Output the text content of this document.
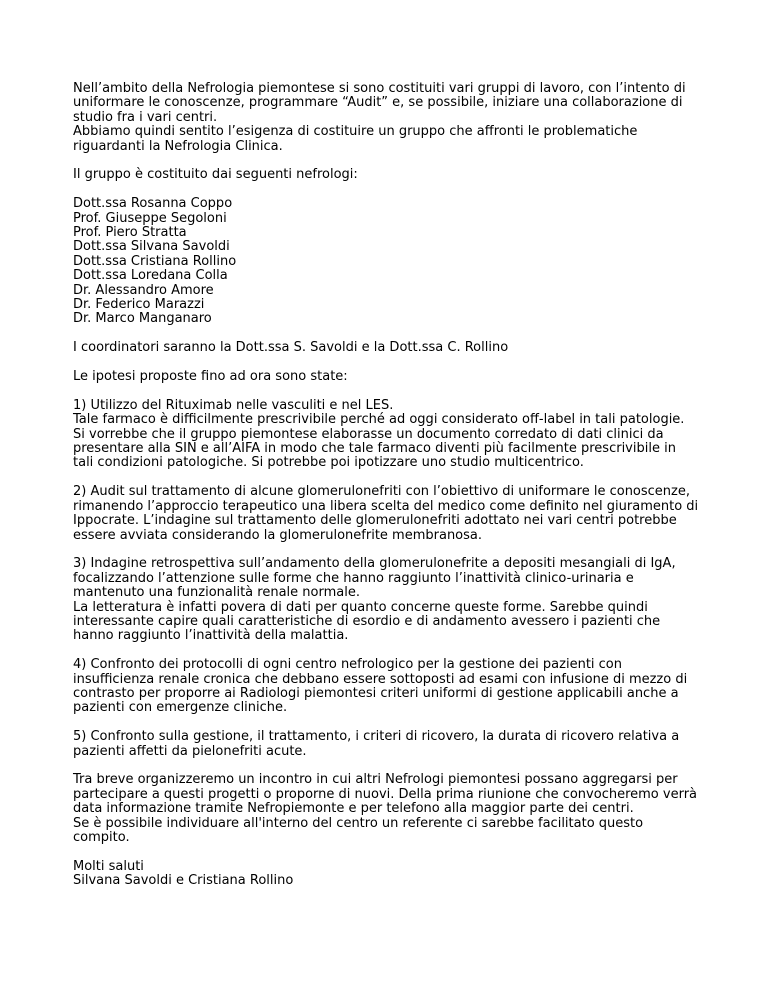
Nell’ambito della Nefrologia piemontese si sono costituiti vari gruppi di lavoro, con l’intento di
uniformare le conoscenze, programmare “Audit” e, se possibile, iniziare una collaborazione di
studio fra i vari centri.
Abbiamo quindi sentito l’esigenza di costituire un gruppo che affronti le problematiche
riguardanti la Nefrologia Clinica.

Il gruppo è costituito dai seguenti nefrologi:

Dott.ssa Rosanna Coppo
Prof. Giuseppe Segoloni
Prof. Piero Stratta
Dott.ssa Silvana Savoldi
Dott.ssa Cristiana Rollino
Dott.ssa Loredana Colla
Dr. Alessandro Amore
Dr. Federico Marazzi
Dr. Marco Manganaro

I coordinatori saranno la Dott.ssa S. Savoldi e la Dott.ssa C. Rollino

Le ipotesi proposte fino ad ora sono state:

1) Utilizzo del Rituximab nelle vasculiti e nel LES.
Tale farmaco è difficilmente prescrivibile perché ad oggi considerato off-label in tali patologie.
Si vorrebbe che il gruppo piemontese elaborasse un documento corredato di dati clinici da
presentare alla SIN e all’AIFA in modo che tale farmaco diventi più facilmente prescrivibile in
tali condizioni patologiche. Si potrebbe poi ipotizzare uno studio multicentrico.

2) Audit sul trattamento di alcune glomerulonefriti con l’obiettivo di uniformare le conoscenze,
rimanendo l’approccio terapeutico una libera scelta del medico come definito nel giuramento di
Ippocrate. L’indagine sul trattamento delle glomerulonefriti adottato nei vari centri potrebbe
essere avviata considerando la glomerulonefrite membranosa.

3) Indagine retrospettiva sull’andamento della glomerulonefrite a depositi mesangiali di IgA,
focalizzando l’attenzione sulle forme che hanno raggiunto l’inattività clinico-urinaria e
mantenuto una funzionalità renale normale.
La letteratura è infatti povera di dati per quanto concerne queste forme. Sarebbe quindi
interessante capire quali caratteristiche di esordio e di andamento avessero i pazienti che
hanno raggiunto l’inattività della malattia.

4) Confronto dei protocolli di ogni centro nefrologico per la gestione dei pazienti con
insufficienza renale cronica che debbano essere sottoposti ad esami con infusione di mezzo di
contrasto per proporre ai Radiologi piemontesi criteri uniformi di gestione applicabili anche a
pazienti con emergenze cliniche.

5) Confronto sulla gestione, il trattamento, i criteri di ricovero, la durata di ricovero relativa a
pazienti affetti da pielonefriti acute.

Tra breve organizzeremo un incontro in cui altri Nefrologi piemontesi possano aggregarsi per
partecipare a questi progetti o proporne di nuovi. Della prima riunione che convocheremo verrà
data informazione tramite Nefropiemonte e per telefono alla maggior parte dei centri.
Se è possibile individuare all'interno del centro un referente ci sarebbe facilitato questo
compito.

Molti saluti
Silvana Savoldi e Cristiana Rollino
